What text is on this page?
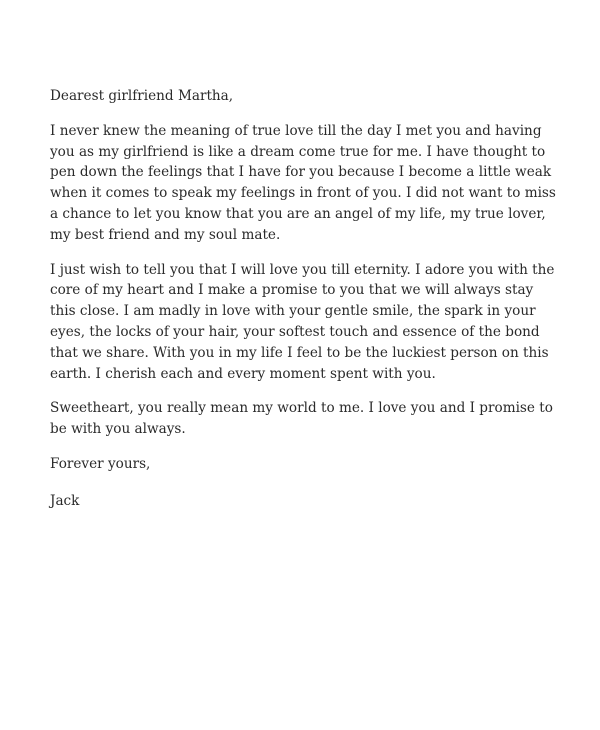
Dearest girlfriend Martha,

I never knew the meaning of true love till the day I met you and having
you as my girlfriend is like a dream come true for me. I have thought to
pen down the feelings that I have for you because I become a little weak
when it comes to speak my feelings in front of you. I did not want to miss
a chance to let you know that you are an angel of my life, my true lover,
my best friend and my soul mate.

I just wish to tell you that I will love you till eternity. I adore you with the
core of my heart and I make a promise to you that we will always stay
this close. I am madly in love with your gentle smile, the spark in your
eyes, the locks of your hair, your softest touch and essence of the bond
that we share. With you in my life I feel to be the luckiest person on this
earth. I cherish each and every moment spent with you.

Sweetheart, you really mean my world to me. I love you and I promise to
be with you always.

Forever yours,

Jack
